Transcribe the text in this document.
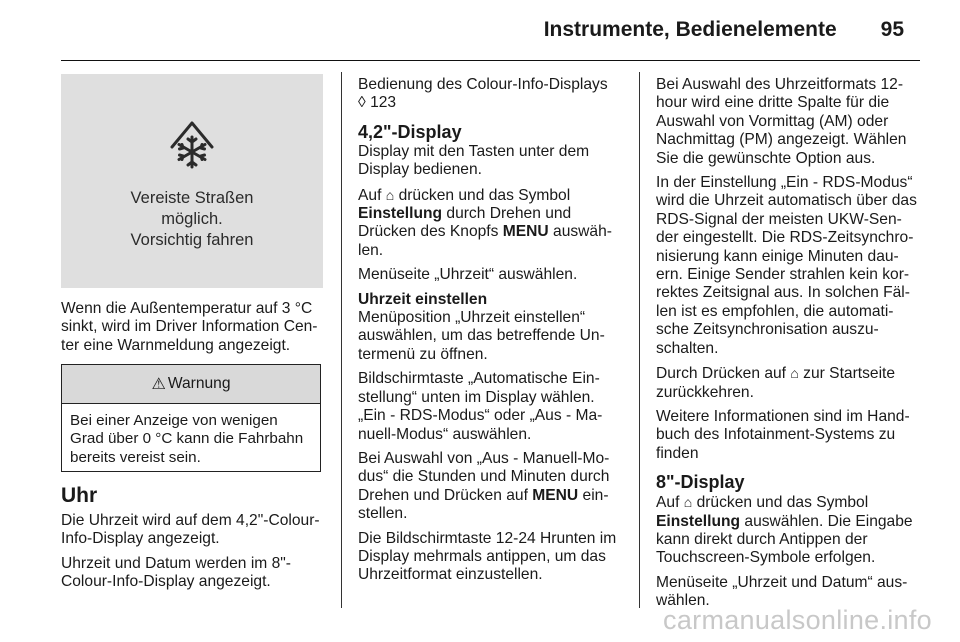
Instrumente, Bedienelemente 95
Vereiste Straßen
möglich.
Vorsichtig fahren

Wenn die Außentemperatur auf 3 °C sinkt, wird im Driver Information Cen-ter eine Warnmeldung angezeigt.

⚠ Warnung
Bei einer Anzeige von wenigen Grad über 0 °C kann die Fahrbahn bereits vereist sein.
Uhr

Die Uhrzeit wird auf dem 4,2"-Colour-Info-Display angezeigt.

Uhrzeit und Datum werden im 8"-Colour-Info-Display angezeigt.

Bedienung des Colour-Info-Displays
◊ 123

4,2"-Display

Display mit den Tasten unter dem Display bedienen.

Auf ⌂ drücken und das Symbol Einstellung durch Drehen und Drücken des Knopfs MENU auswäh-len.

Menüseite „Uhrzeit“ auswählen.

Uhrzeit einstellen

Menüposition „Uhrzeit einstellen“ auswählen, um das betreffende Un-termenü zu öffnen.

Bildschirmtaste „Automatische Ein-stellung“ unten im Display wählen. „Ein - RDS-Modus“ oder „Aus - Ma-nuell-Modus“ auswählen.

Bei Auswahl von „Aus - Manuell-Mo-dus“ die Stunden und Minuten durch Drehen und Drücken auf MENU ein-stellen.

Die Bildschirmtaste 12-24 Hrunten im Display mehrmals antippen, um das Uhrzeitformat einzustellen.

Bei Auswahl des Uhrzeitformats 12-hour wird eine dritte Spalte für die Auswahl von Vormittag (AM) oder Nachmittag (PM) angezeigt. Wählen Sie die gewünschte Option aus.

In der Einstellung „Ein - RDS-Modus“ wird die Uhrzeit automatisch über das RDS-Signal der meisten UKW-Sen-der eingestellt. Die RDS-Zeitsynchro-nisierung kann einige Minuten dau-ern. Einige Sender strahlen kein kor-rektes Zeitsignal aus. In solchen Fäl-len ist es empfohlen, die automati-sche Zeitsynchronisation auszu-schalten.

Durch Drücken auf ⌂ zur Startseite zurückkehren.

Weitere Informationen sind im Hand-buch des Infotainment-Systems zu finden

8"-Display

Auf ⌂ drücken und das Symbol Einstellung auswählen. Die Eingabe kann direkt durch Antippen der Touchscreen-Symbole erfolgen.

Menüseite „Uhrzeit und Datum“ aus-wählen.

carmanualsonline.info
